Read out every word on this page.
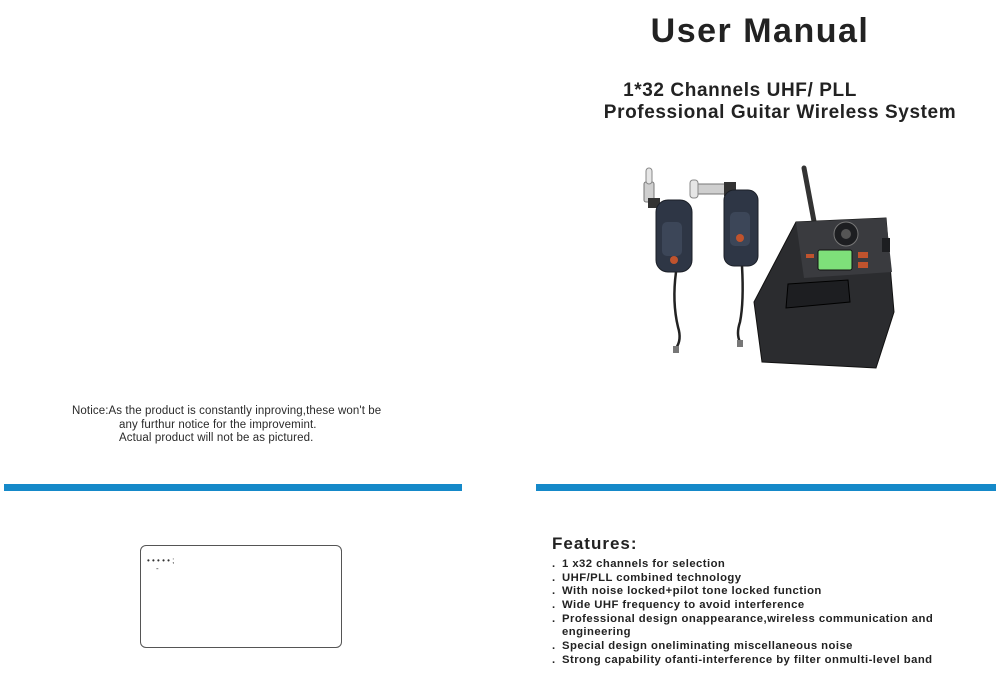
Notice:As the product is constantly inproving,these won't be
any furthur notice for the improvemint.
Actual product will not be as pictured.
• • • • • ;
-
User Manual
1*32 Channels UHF/ PLL
Professional Guitar Wireless System
Features:
. 1 x32 channels for selection
. UHF/PLL combined technology
. With noise locked+pilot tone locked function
. Wide UHF frequency to avoid interference
. Professional design onappearance,wireless communication and engineering
. Special design oneliminating miscellaneous noise
. Strong capability ofanti-interference by filter onmulti-level band
